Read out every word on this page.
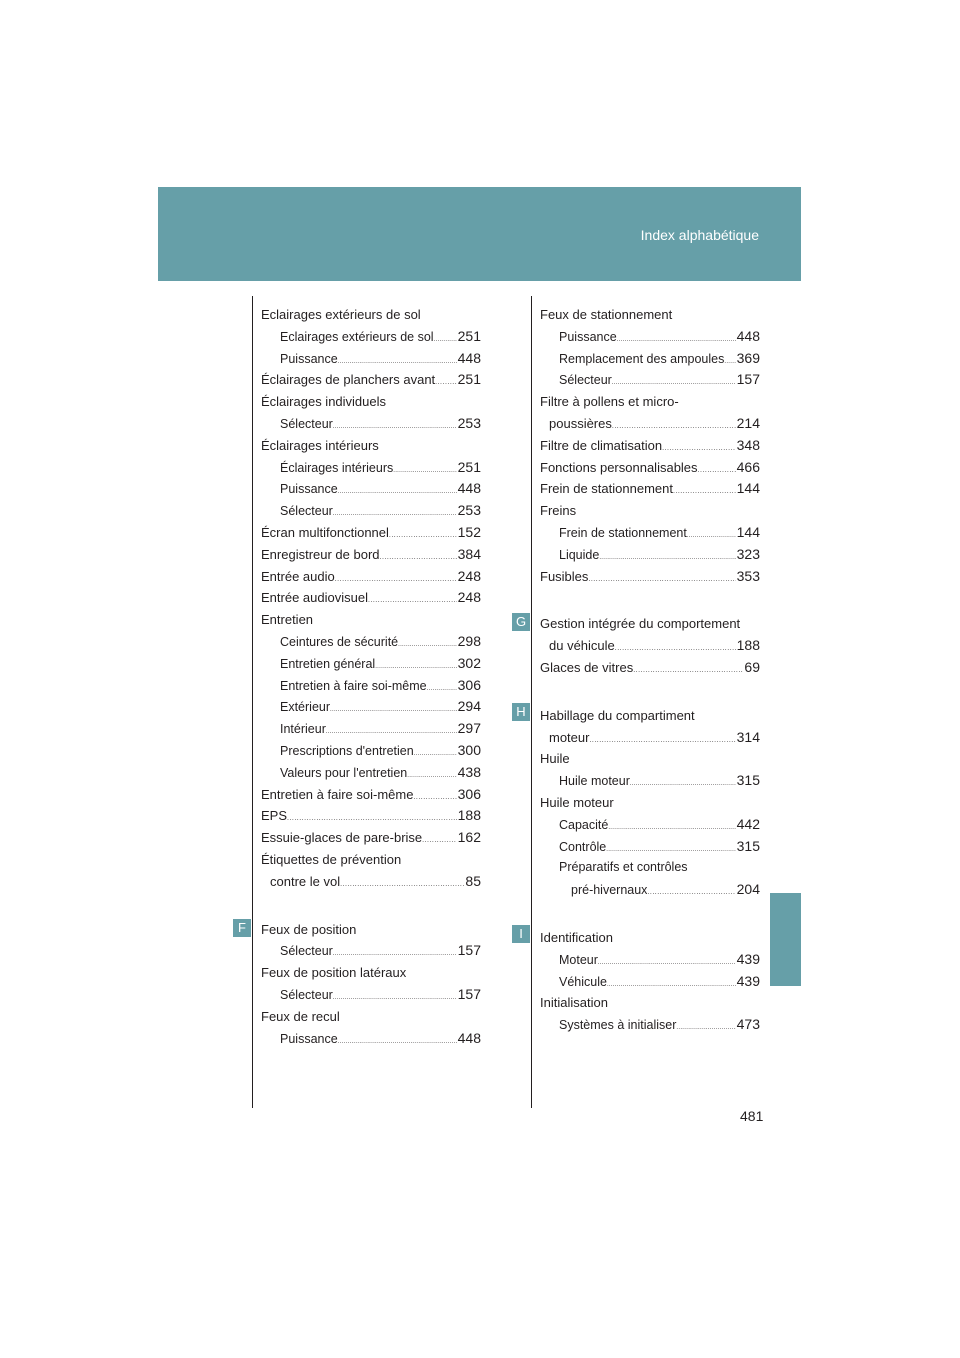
Index alphabétique
Eclairages extérieurs de sol
Eclairages extérieurs de sol ..... 251
Puissance .....	448
Éclairages de planchers avant ..... 251
Éclairages individuels
Sélecteur .....	253
Éclairages intérieurs
Éclairages intérieurs .....	251
Puissance .....	448
Sélecteur .....	253
Écran multifonctionnel .....	152
Enregistreur de bord .....	384
Entrée audio .....	248
Entrée audiovisuel .....	248
Entretien
Ceintures de sécurité .....	298
Entretien général .....	302
Entretien à faire soi-même ..... 306
Extérieur .....	294
Intérieur .....	297
Prescriptions d'entretien .....	300
Valeurs pour l'entretien .....	438
Entretien à faire soi-même .....	306
EPS .....	188
Essuie-glaces de pare-brise .....	162
Étiquettes de prévention
contre le vol .....	85
Feux de position
Sélecteur .....	157
Feux de position latéraux
Sélecteur .....	157
Feux de recul
Puissance .....	448
Feux de stationnement
Puissance .....	448
Remplacement des ampoules ..... 369
Sélecteur .....	157
Filtre à pollens et micro-
poussières .....	214
Filtre de climatisation .....	348
Fonctions personnalisables .....	466
Frein de stationnement .....	144
Freins
Frein de stationnement .....	144
Liquide .....	323
Fusibles .....	353
Gestion intégrée du comportement
du véhicule .....	188
Glaces de vitres .....	69
Habillage du compartiment
moteur .....	314
Huile
Huile moteur .....	315
Huile moteur
Capacité .....	442
Contrôle .....	315
Préparatifs et contrôles
pré-hivernaux .....	204
Identification
Moteur .....	439
Véhicule .....	439
Initialisation
Systèmes à initialiser .....	473
F
G
H
I
481
